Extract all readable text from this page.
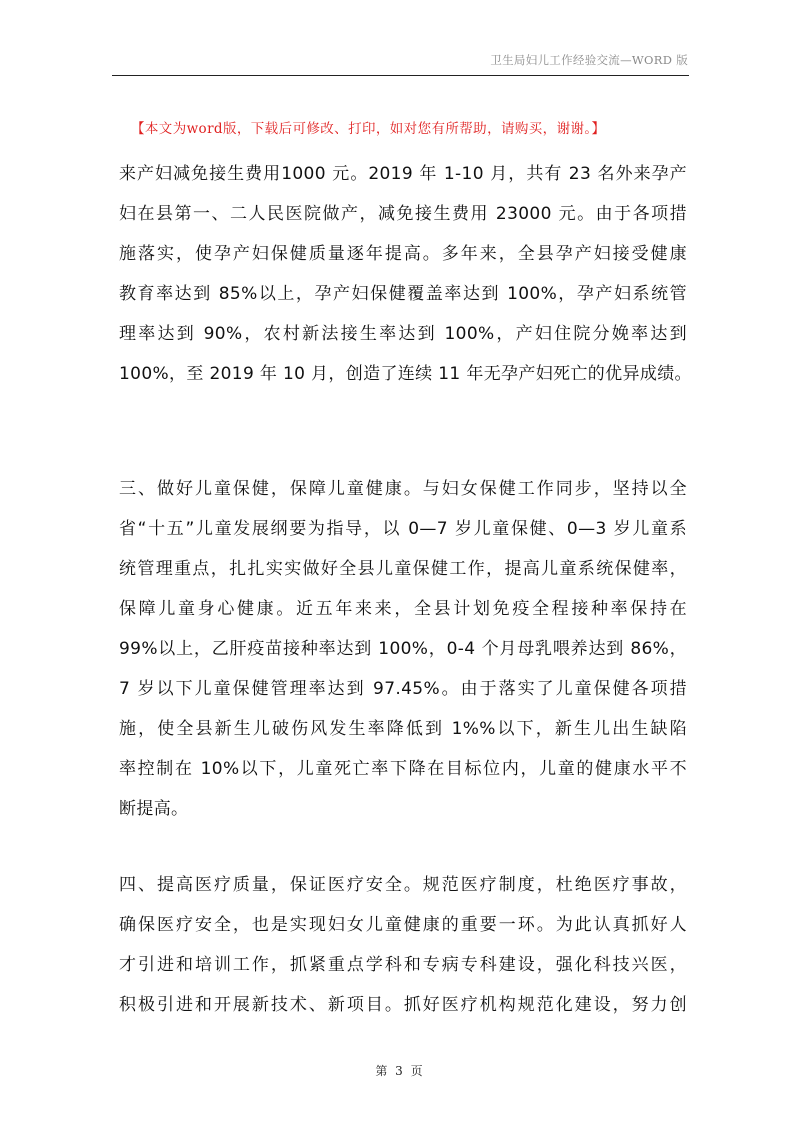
卫生局妇儿工作经验交流—WORD 版
【本文为word版，下载后可修改、打印，如对您有所帮助，请购买，谢谢。】

来产妇减免接生费用1000 元。2019 年 1-10 月，共有 23 名外来孕产
妇在县第一、二人民医院做产，减免接生费用 23000 元。由于各项措
施落实，使孕产妇保健质量逐年提高。多年来，全县孕产妇接受健康
教育率达到 85%以上，孕产妇保健覆盖率达到 100%，孕产妇系统管
理率达到 90%，农村新法接生率达到 100%，产妇住院分娩率达到
100%，至 2019 年 10 月，创造了连续 11 年无孕产妇死亡的优异成绩。

三、做好儿童保健，保障儿童健康。与妇女保健工作同步，坚持以全
省“十五”儿童发展纲要为指导，以 0—7 岁儿童保健、0—3 岁儿童系
统管理重点，扎扎实实做好全县儿童保健工作，提高儿童系统保健率，
保障儿童身心健康。近五年来来，全县计划免疫全程接种率保持在
99%以上，乙肝疫苗接种率达到 100%，0-4 个月母乳喂养达到 86%，
7 岁以下儿童保健管理率达到 97.45%。由于落实了儿童保健各项措
施，使全县新生儿破伤风发生率降低到 1%%以下，新生儿出生缺陷
率控制在 10%以下，儿童死亡率下降在目标位内，儿童的健康水平不
断提高。

四、提高医疗质量，保证医疗安全。规范医疗制度，杜绝医疗事故，
确保医疗安全，也是实现妇女儿童健康的重要一环。为此认真抓好人
才引进和培训工作，抓紧重点学科和专病专科建设，强化科技兴医，
积极引进和开展新技术、新项目。抓好医疗机构规范化建设，努力创

第 3 页
